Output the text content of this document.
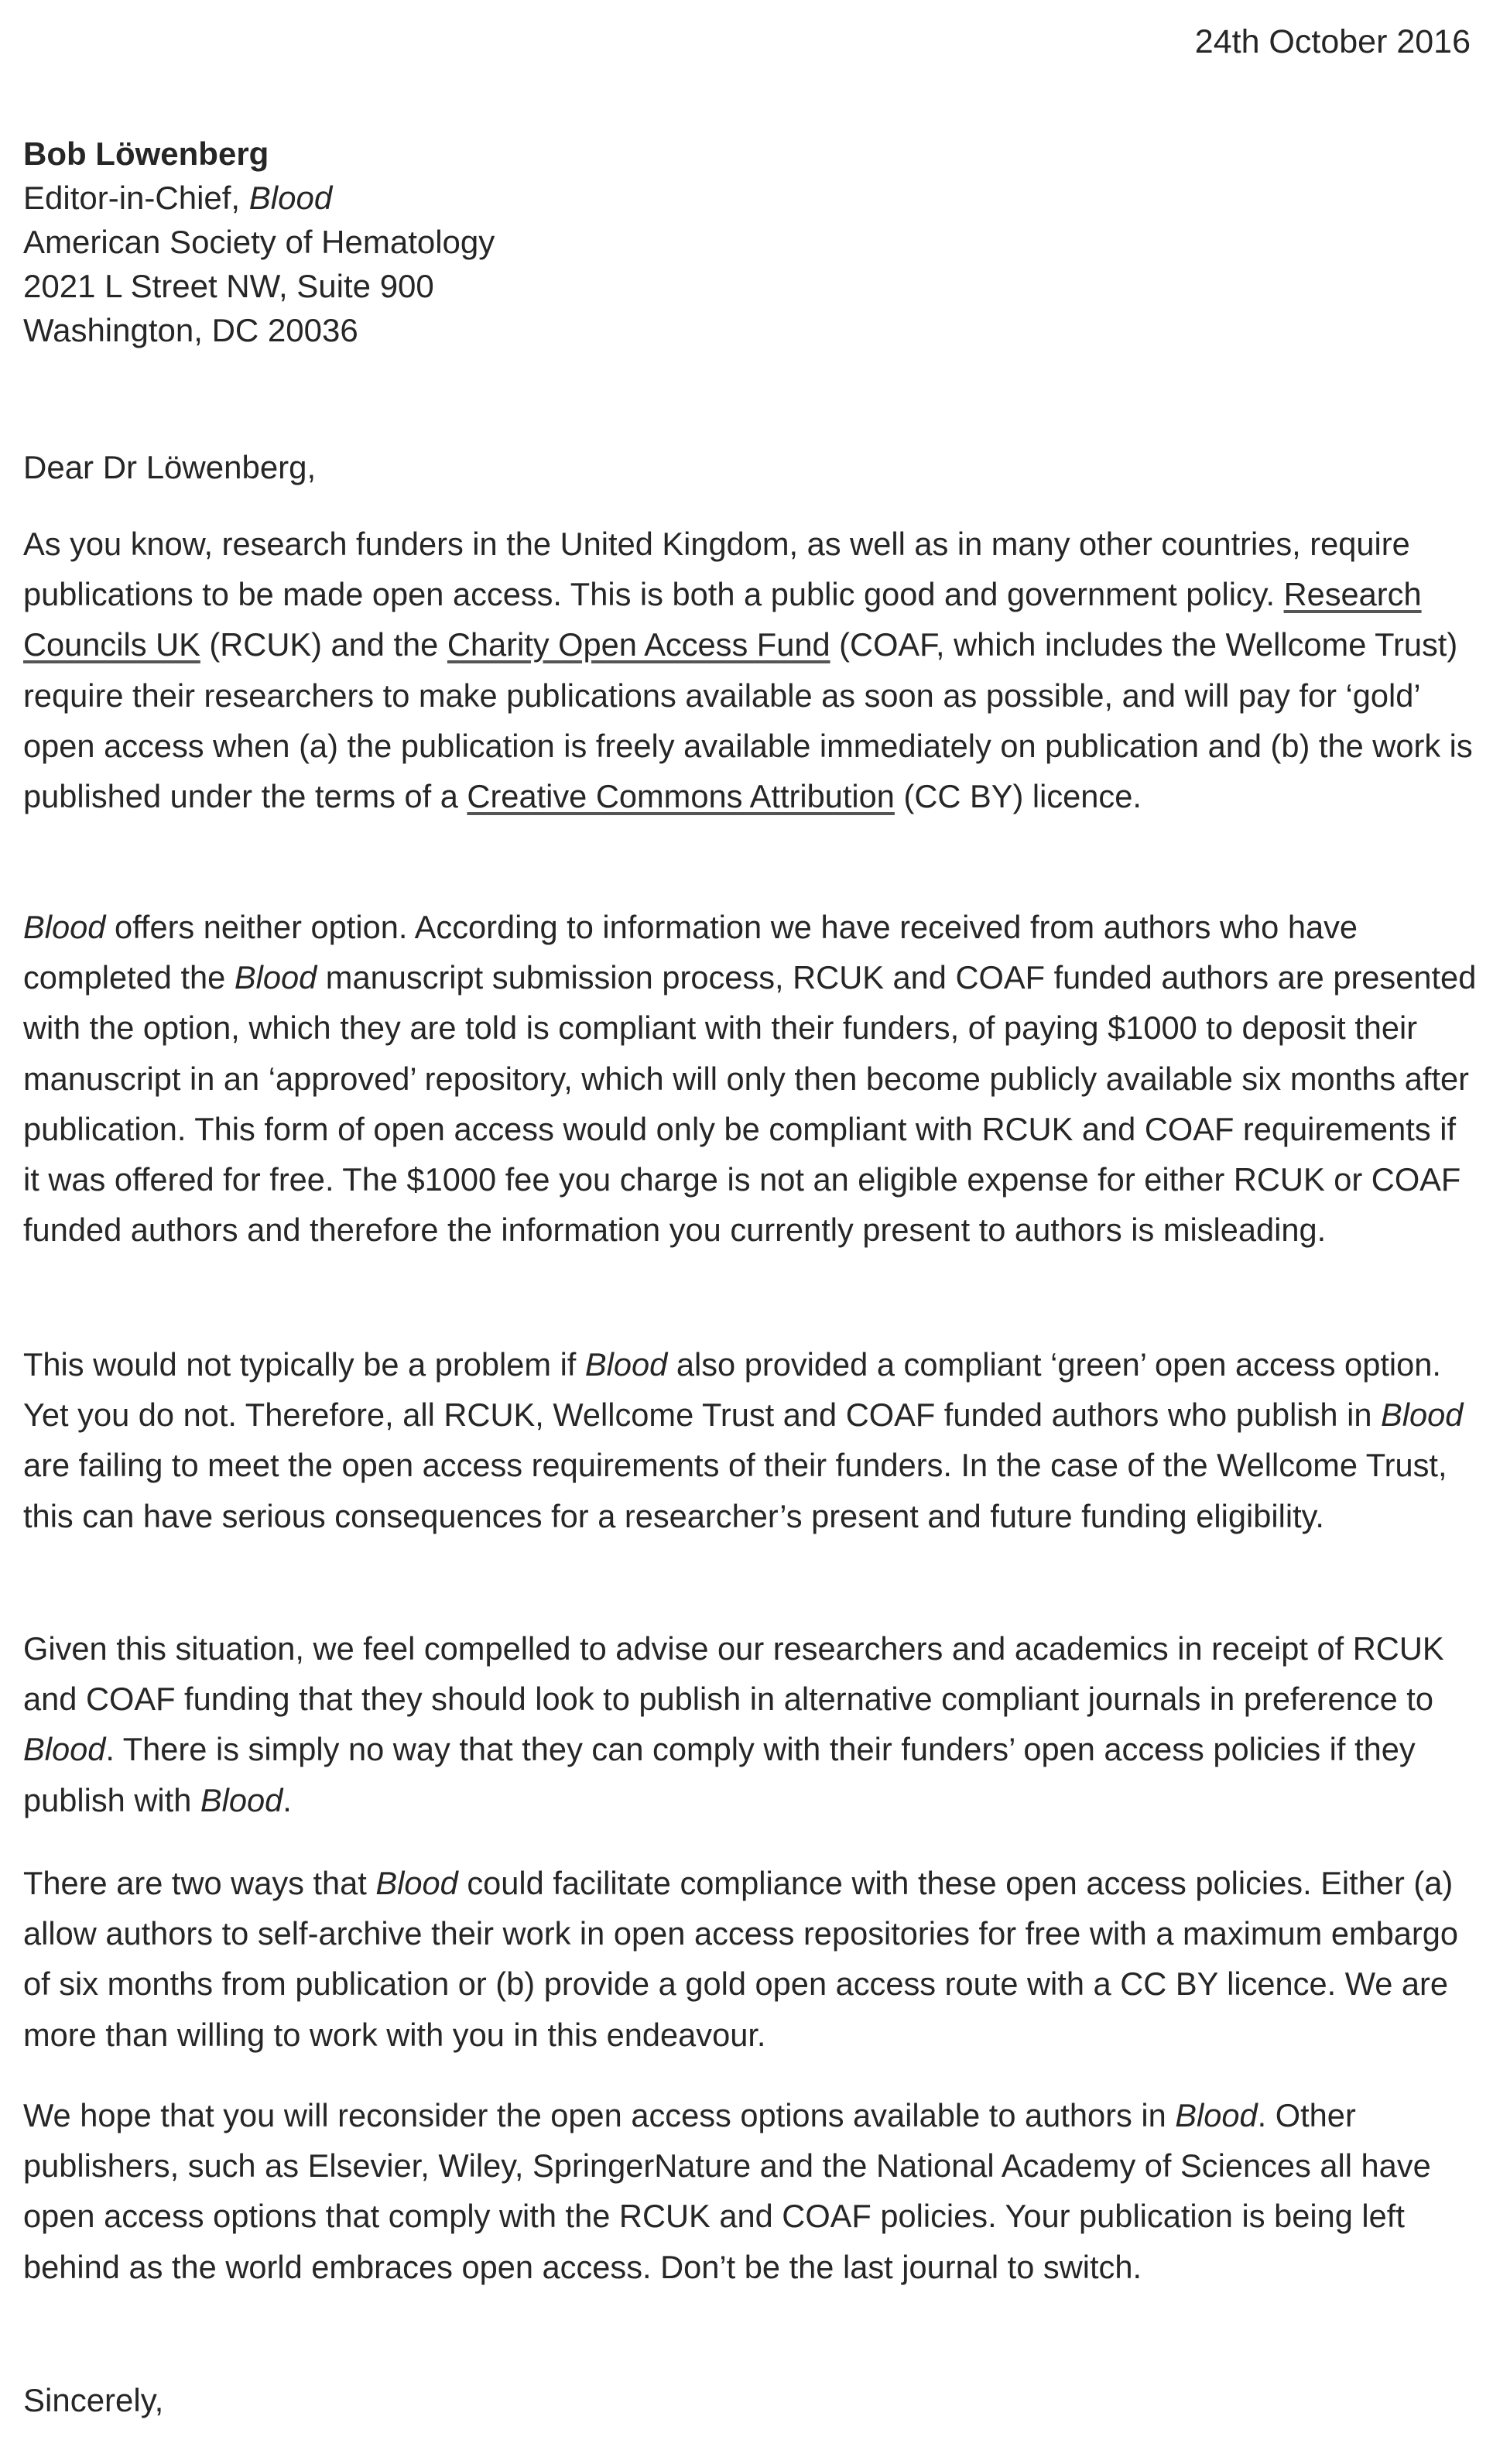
24th October 2016
Bob Löwenberg
Editor-in-Chief, Blood
American Society of Hematology
2021 L Street NW, Suite 900
Washington, DC 20036
Dear Dr Löwenberg,

As you know, research funders in the United Kingdom, as well as in many other countries, require publications to be made open access. This is both a public good and government policy. Research Councils UK (RCUK) and the Charity Open Access Fund (COAF, which includes the Wellcome Trust) require their researchers to make publications available as soon as possible, and will pay for ‘gold’ open access when (a) the publication is freely available immediately on publication and (b) the work is published under the terms of a Creative Commons Attribution (CC BY) licence.

Blood offers neither option. According to information we have received from authors who have completed the Blood manuscript submission process, RCUK and COAF funded authors are presented with the option, which they are told is compliant with their funders, of paying $1000 to deposit their manuscript in an ‘approved’ repository, which will only then become publicly available six months after publication. This form of open access would only be compliant with RCUK and COAF requirements if it was offered for free. The $1000 fee you charge is not an eligible expense for either RCUK or COAF funded authors and therefore the information you currently present to authors is misleading.

This would not typically be a problem if Blood also provided a compliant ‘green’ open access option. Yet you do not. Therefore, all RCUK, Wellcome Trust and COAF funded authors who publish in Blood are failing to meet the open access requirements of their funders. In the case of the Wellcome Trust, this can have serious consequences for a researcher’s present and future funding eligibility.

Given this situation, we feel compelled to advise our researchers and academics in receipt of RCUK and COAF funding that they should look to publish in alternative compliant journals in preference to Blood. There is simply no way that they can comply with their funders’ open access policies if they publish with Blood.

There are two ways that Blood could facilitate compliance with these open access policies. Either (a) allow authors to self-archive their work in open access repositories for free with a maximum embargo of six months from publication or (b) provide a gold open access route with a CC BY licence. We are more than willing to work with you in this endeavour.

We hope that you will reconsider the open access options available to authors in Blood. Other publishers, such as Elsevier, Wiley, SpringerNature and the National Academy of Sciences all have open access options that comply with the RCUK and COAF policies. Your publication is being left behind as the world embraces open access. Don’t be the last journal to switch.

Sincerely,
